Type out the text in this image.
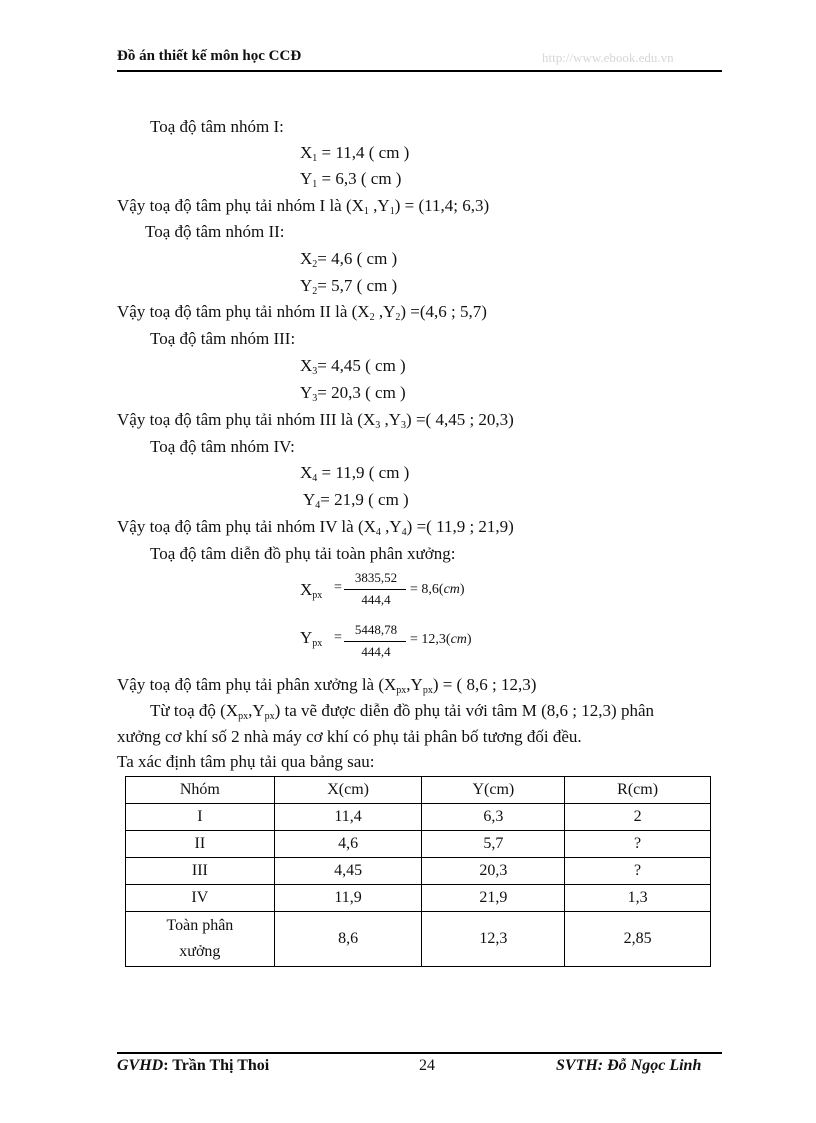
Đồ án thiết kế môn học CCĐ	http://www.ebook.edu.vn
Toạ độ tâm nhóm I:
$X_1 = 11,4$ ( cm )
$Y_1 = 6,3$ ( cm )
Vậy toạ độ tâm phụ tải nhóm I là ($X_1$ $,Y_1) = (11,4$; 6,3)
Toạ độ tâm nhóm II:
$X_2= 4,6$ ( cm )
$Y_2= 5,7$ ( cm )
Vậy toạ độ tâm phụ tải nhóm II là ($X_2$ $,Y_2) =(4,6$ ; 5,7)
Toạ độ tâm nhóm III:
$X_3= 4,45$ ( cm )
$Y_3= 20,3$ ( cm )
Vậy toạ độ tâm phụ tải nhóm III là ($X_3$ $,Y_3$) =( 4,45 ; 20,3)
Toạ độ tâm nhóm IV:
$X_4 = 11,9$ ( cm )
$Y_4= 21,9$ ( cm )
Vậy toạ độ tâm phụ tải nhóm IV là ($X_4$ $,Y_4$) =( 11,9 ; 21,9)
Toạ độ tâm diễn đồ phụ tải toàn phân xưởng:
$X_{px}$
=
3835,52
444,4
= 8,6(cm)
$Y_{px}$ =
5448,78
444,4
= 12,3(cm)
Vậy toạ độ tâm phụ tải phân xưởng là $(X_{px},Y_{px})$ = ( 8,6 ; 12,3)
Từ toạ độ $(X_{px},Y_{px})$ ta vẽ được diễn đồ phụ tải với tâm M (8,6 ; 12,3) phân
xưởng cơ khí số 2 nhà máy cơ khí có phụ tải phân bố tương đối đều.
Ta xác định tâm phụ tải qua bảng sau:
Nhóm	X(cm)	Y(cm)	R(cm)
I	11,4	6,3	2
II	4,6	5,7	?
III	4,45	20,3	?
IV	11,9	21,9	1,3

Toàn phân
xưởng	8,6	12,3	2,85
GVHD: Trần Thị Thoi	24	SVTH: Đỗ Ngọc Linh
